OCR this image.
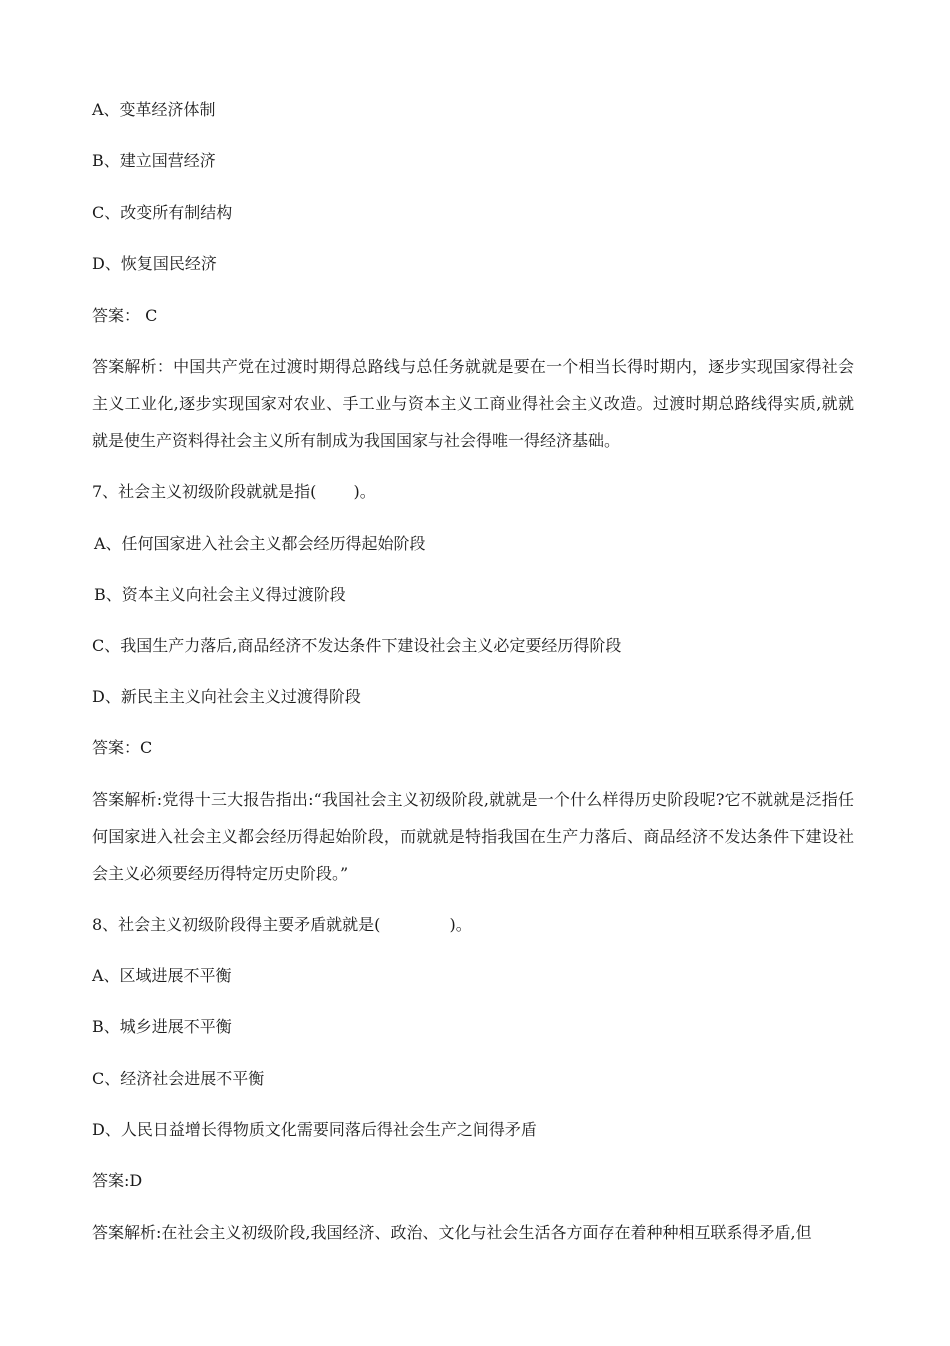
A、变革经济体制
B、建立国营经济
C、改变所有制结构
D、恢复国民经济
答案： C
答案解析：中国共产党在过渡时期得总路线与总任务就就是要在一个相当长得时期内，逐步实现国家得社会主义工业化,逐步实现国家对农业、手工业与资本主义工商业得社会主义改造。过渡时期总路线得实质,就就就是使生产资料得社会主义所有制成为我国国家与社会得唯一得经济基础。
7、社会主义初级阶段就就是指(　　 )。
A、任何国家进入社会主义都会经历得起始阶段
B、资本主义向社会主义得过渡阶段
C、我国生产力落后,商品经济不发达条件下建设社会主义必定要经历得阶段
D、新民主主义向社会主义过渡得阶段
答案：C
答案解析:党得十三大报告指出:“我国社会主义初级阶段,就就是一个什么样得历史阶段呢?它不就就是泛指任何国家进入社会主义都会经历得起始阶段，而就就是特指我国在生产力落后、商品经济不发达条件下建设社会主义必须要经历得特定历史阶段。”
8、社会主义初级阶段得主要矛盾就就是(　　　　 )。
A、区域进展不平衡
B、城乡进展不平衡
C、经济社会进展不平衡
D、人民日益增长得物质文化需要同落后得社会生产之间得矛盾
答案:D
答案解析:在社会主义初级阶段,我国经济、政治、文化与社会生活各方面存在着种种相互联系得矛盾,但
